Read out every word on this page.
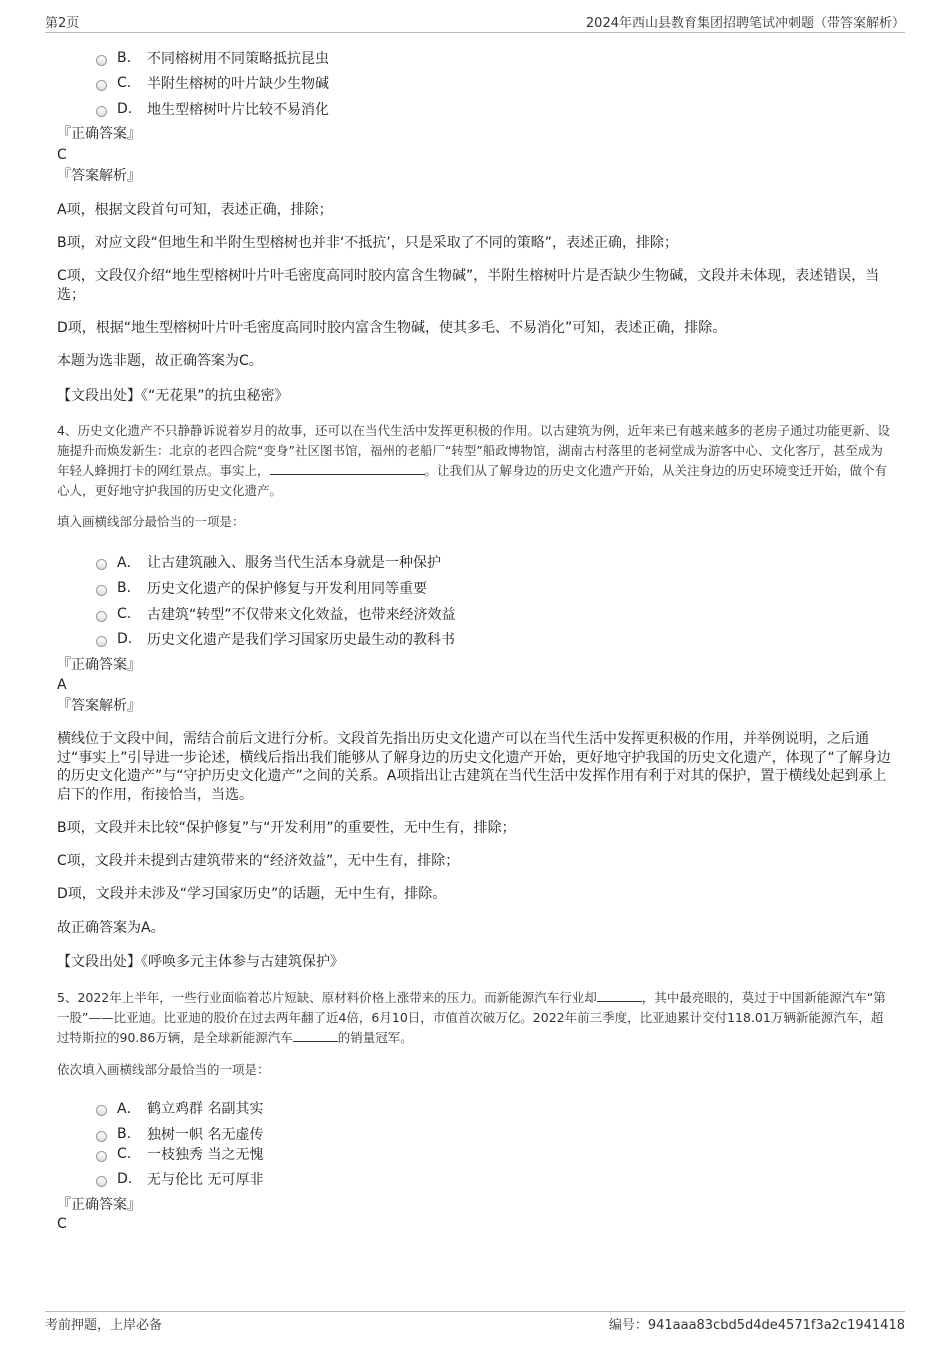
第2页	2024年西山县教育集团招聘笔试冲刺题（带答案解析）
B.	不同榕树用不同策略抵抗昆虫
C.	半附生榕树的叶片缺少生物碱
D.	地生型榕树叶片比较不易消化
『正确答案』
C
『答案解析』
A项，根据文段首句可知，表述正确，排除；
B项，对应文段“但地生和半附生型榕树也并非‘不抵抗’，只是采取了不同的策略”，表述正确，排除；
C项，文段仅介绍“地生型榕树叶片叶毛密度高同时胶内富含生物碱”，半附生榕树叶片是否缺少生物碱，文段并未体现，表述错误，当选；
D项，根据“地生型榕树叶片叶毛密度高同时胶内富含生物碱，使其多毛、不易消化”可知，表述正确，排除。
本题为选非题，故正确答案为C。
【文段出处】《“无花果”的抗虫秘密》
4、历史文化遗产不只静静诉说着岁月的故事，还可以在当代生活中发挥更积极的作用。以古建筑为例，近年来已有越来越多的老房子通过功能更新、设施提升而焕发新生：北京的老四合院“变身”社区图书馆，福州的老船厂“转型”船政博物馆，湖南古村落里的老祠堂成为游客中心、文化客厅，甚至成为年轻人蜂拥打卡的网红景点。事实上，	。让我们从了解身边的历史文化遗产开始，从关注身边的历史环境变迁开始，做个有心人，更好地守护我国的历史文化遗产。
填入画横线部分最恰当的一项是：
A． 让古建筑融入、服务当代生活本身就是一种保护
B.	历史文化遗产的保护修复与开发利用同等重要
C.	古建筑“转型”不仅带来文化效益，也带来经济效益
D.	历史文化遗产是我们学习国家历史最生动的教科书
『正确答案』
A
『答案解析』
横线位于文段中间，需结合前后文进行分析。文段首先指出历史文化遗产可以在当代生活中发挥更积极的作用，并举例说明，之后通过“事实上”引导进一步论述，横线后指出我们能够从了解身边的历史文化遗产开始，更好地守护我国的历史文化遗产，体现了“了解身边的历史文化遗产”与“守护历史文化遗产”之间的关系。A项指出让古建筑在当代生活中发挥作用有利于对其的保护，置于横线处起到承上启下的作用，衔接恰当，当选。
B项，文段并未比较“保护修复”与“开发利用”的重要性，无中生有，排除；
C项，文段并未提到古建筑带来的“经济效益”，无中生有，排除；
D项，文段并未涉及“学习国家历史”的话题，无中生有，排除。
故正确答案为A。
【文段出处】《呼唤多元主体参与古建筑保护》
5、2022年上半年，一些行业面临着芯片短缺、原材料价格上涨带来的压力。而新能源汽车行业却	，其中最亮眼的，莫过于中国新能源汽车“第一股”——比亚迪。比亚迪的股价在过去两年翻了近4倍，6月10日，市值首次破万亿。2022年前三季度，比亚迪累计交付118.01万辆新能源汽车，超过特斯拉的90.86万辆，是全球新能源汽车	的销量冠军。
依次填入画横线部分最恰当的一项是：
A． 鹤立鸡群 名副其实
B.	独树一帜 名无虚传
C.	一枝独秀 当之无愧
D.	无与伦比 无可厚非
『正确答案』
C
考前押题，上岸必备	编号：941aaa83cbd5d4de4571f3a2c1941418
